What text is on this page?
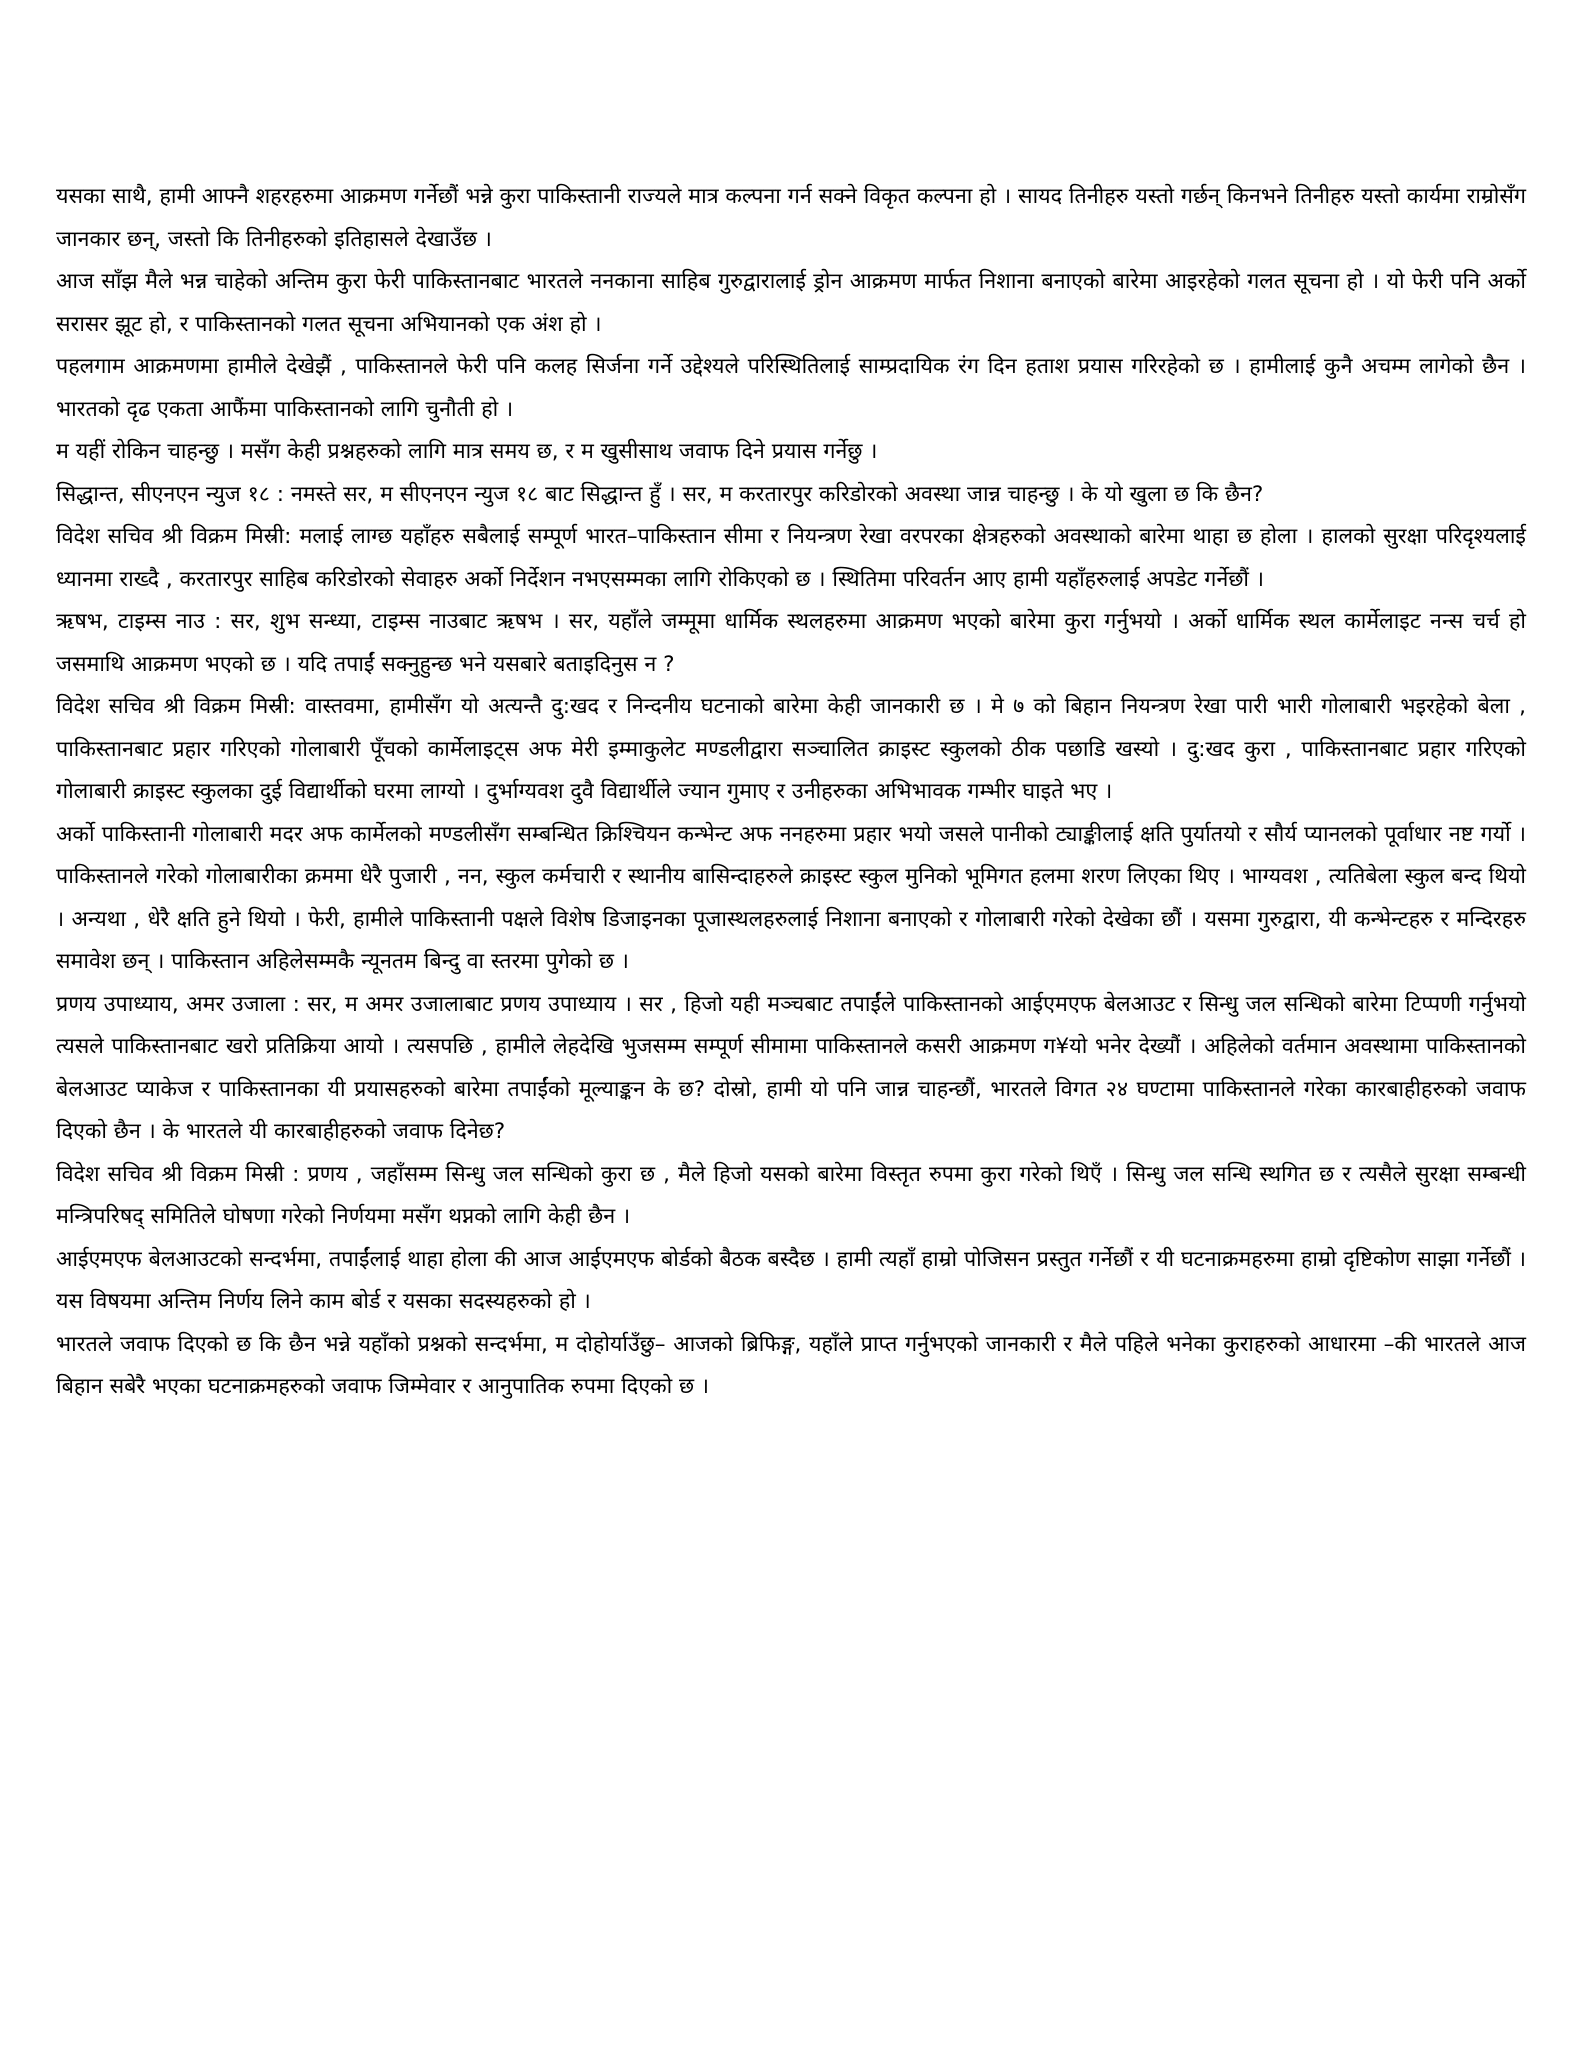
यसका साथै, हामी आफ्नै शहरहरुमा आक्रमण गर्नेछौं भन्ने कुरा पाकिस्तानी राज्यले मात्र कल्पना गर्न सक्ने विकृत कल्पना हो । सायद तिनीहरु यस्तो गर्छन् किनभने तिनीहरु यस्तो कार्यमा राम्रोसँग जानकार छन्, जस्तो कि तिनीहरुको इतिहासले देखाउँछ ।

आज साँझ मैले भन्न चाहेको अन्तिम कुरा फेरी पाकिस्तानबाट भारतले ननकाना साहिब गुरुद्वारालाई ड्रोन आक्रमण मार्फत निशाना बनाएको बारेमा आइरहेको गलत सूचना हो । यो फेरी पनि अर्को सरासर झूट हो, र पाकिस्तानको गलत सूचना अभियानको एक अंश हो ।

पहलगाम आक्रमणमा हामीले देखेझैं , पाकिस्तानले फेरी पनि कलह सिर्जना गर्ने उद्देश्यले परिस्थितिलाई साम्प्रदायिक रंग दिन हताश प्रयास गरिरहेको छ । हामीलाई कुनै अचम्म लागेको छैन । भारतको दृढ एकता आफैंमा पाकिस्तानको लागि चुनौती हो ।

म यहीं रोकिन चाहन्छु । मसँग केही प्रश्नहरुको लागि मात्र समय छ, र म खुसीसाथ जवाफ दिने प्रयास गर्नेछु ।

सिद्धान्त, सीएनएन न्युज १८ : नमस्ते सर, म सीएनएन न्युज १८ बाट सिद्धान्त हुँ । सर, म करतारपुर करिडोरको अवस्था जान्न चाहन्छु । के यो खुला छ कि छैन?

विदेश सचिव श्री विक्रम मिस्री: मलाई लाग्छ यहाँहरु सबैलाई सम्पूर्ण भारत–पाकिस्तान सीमा र नियन्त्रण रेखा वरपरका क्षेत्रहरुको अवस्थाको बारेमा थाहा छ होला । हालको सुरक्षा परिदृश्यलाई ध्यानमा राख्दै , करतारपुर साहिब करिडोरको सेवाहरु अर्को निर्देशन नभएसम्मका लागि रोकिएको छ । स्थितिमा परिवर्तन आए हामी यहाँहरुलाई अपडेट गर्नेछौं ।

ऋषभ, टाइम्स नाउ : सर, शुभ सन्ध्या, टाइम्स नाउबाट ऋषभ । सर, यहाँले जम्मूमा धार्मिक स्थलहरुमा आक्रमण भएको बारेमा कुरा गर्नुभयो । अर्को धार्मिक स्थल कार्मेलाइट नन्स चर्च हो जसमाथि आक्रमण भएको छ । यदि तपाईं सक्नुहुन्छ भने यसबारे बताइदिनुस न ?

विदेश सचिव श्री विक्रम मिस्री: वास्तवमा, हामीसँग यो अत्यन्तै दु:खद र निन्दनीय घटनाको बारेमा केही जानकारी छ । मे ७ को बिहान नियन्त्रण रेखा पारी भारी गोलाबारी भइरहेको बेला , पाकिस्तानबाट प्रहार गरिएको गोलाबारी पूँचको कार्मेलाइट्स अफ मेरी इम्माकुलेट मण्डलीद्वारा सञ्चालित क्राइस्ट स्कुलको ठीक पछाडि खस्यो । दु:खद कुरा , पाकिस्तानबाट प्रहार गरिएको गोलाबारी क्राइस्ट स्कुलका दुई विद्यार्थीको घरमा लाग्यो । दुर्भाग्यवश दुवै विद्यार्थीले ज्यान गुमाए र उनीहरुका अभिभावक गम्भीर घाइते भए ।

अर्को पाकिस्तानी गोलाबारी मदर अफ कार्मेलको मण्डलीसँग सम्बन्धित क्रिश्चियन कन्भेन्ट अफ ननहरुमा प्रहार भयो जसले पानीको ट्याङ्कीलाई क्षति पुर्यातयो र सौर्य प्यानलको पूर्वाधार नष्ट गर्यो । पाकिस्तानले गरेको गोलाबारीका क्रममा धेरै पुजारी , नन, स्कुल कर्मचारी र स्थानीय बासिन्दाहरुले क्राइस्ट स्कुल मुनिको भूमिगत हलमा शरण लिएका थिए । भाग्यवश , त्यतिबेला स्कुल बन्द थियो । अन्यथा , धेरै क्षति हुने थियो । फेरी, हामीले पाकिस्तानी पक्षले विशेष डिजाइनका पूजास्थलहरुलाई निशाना बनाएको र गोलाबारी गरेको देखेका छौं । यसमा गुरुद्वारा, यी कन्भेन्टहरु र मन्दिरहरु समावेश छन् । पाकिस्तान अहिलेसम्मकै न्यूनतम बिन्दु वा स्तरमा पुगेको छ ।

प्रणय उपाध्याय, अमर उजाला : सर, म अमर उजालाबाट प्रणय उपाध्याय । सर , हिजो यही मञ्चबाट तपाईंले पाकिस्तानको आईएमएफ बेलआउट र सिन्धु जल सन्धिको बारेमा टिप्पणी गर्नुभयो त्यसले पाकिस्तानबाट खरो प्रतिक्रिया आयो । त्यसपछि , हामीले लेहदेखि भुजसम्म सम्पूर्ण सीमामा पाकिस्तानले कसरी आक्रमण ग¥यो भनेर देख्यौं । अहिलेको वर्तमान अवस्थामा पाकिस्तानको बेलआउट प्याकेज र पाकिस्तानका यी प्रयासहरुको बारेमा तपाईंको मूल्याङ्कन के छ? दोस्रो, हामी यो पनि जान्न चाहन्छौं, भारतले विगत २४ घण्टामा पाकिस्तानले गरेका कारबाहीहरुको जवाफ दिएको छैन । के भारतले यी कारबाहीहरुको जवाफ दिनेछ?

विदेश सचिव श्री विक्रम मिस्री : प्रणय , जहाँसम्म सिन्धु जल सन्धिको कुरा छ , मैले हिजो यसको बारेमा विस्तृत रुपमा कुरा गरेको थिएँ । सिन्धु जल सन्धि स्थगित छ र त्यसैले सुरक्षा सम्बन्धी मन्त्रिपरिषद् समितिले घोषणा गरेको निर्णयमा मसँग थप्नको लागि केही छैन ।

आईएमएफ बेलआउटको सन्दर्भमा, तपाईंलाई थाहा होला की आज आईएमएफ बोर्डको बैठक बस्दैछ । हामी त्यहाँ हाम्रो पोजिसन प्रस्तुत गर्नेछौं र यी घटनाक्रमहरुमा हाम्रो दृष्टिकोण साझा गर्नेछौं । यस विषयमा अन्तिम निर्णय लिने काम बोर्ड र यसका सदस्यहरुको हो ।

भारतले जवाफ दिएको छ कि छैन भन्ने यहाँको प्रश्नको सन्दर्भमा, म दोहोर्याउँछु– आजको ब्रिफिङ्ग, यहाँले प्राप्त गर्नुभएको जानकारी र मैले पहिले भनेका कुराहरुको आधारमा –की भारतले आज बिहान सबेरै भएका घटनाक्रमहरुको जवाफ जिम्मेवार र आनुपातिक रुपमा दिएको छ ।
